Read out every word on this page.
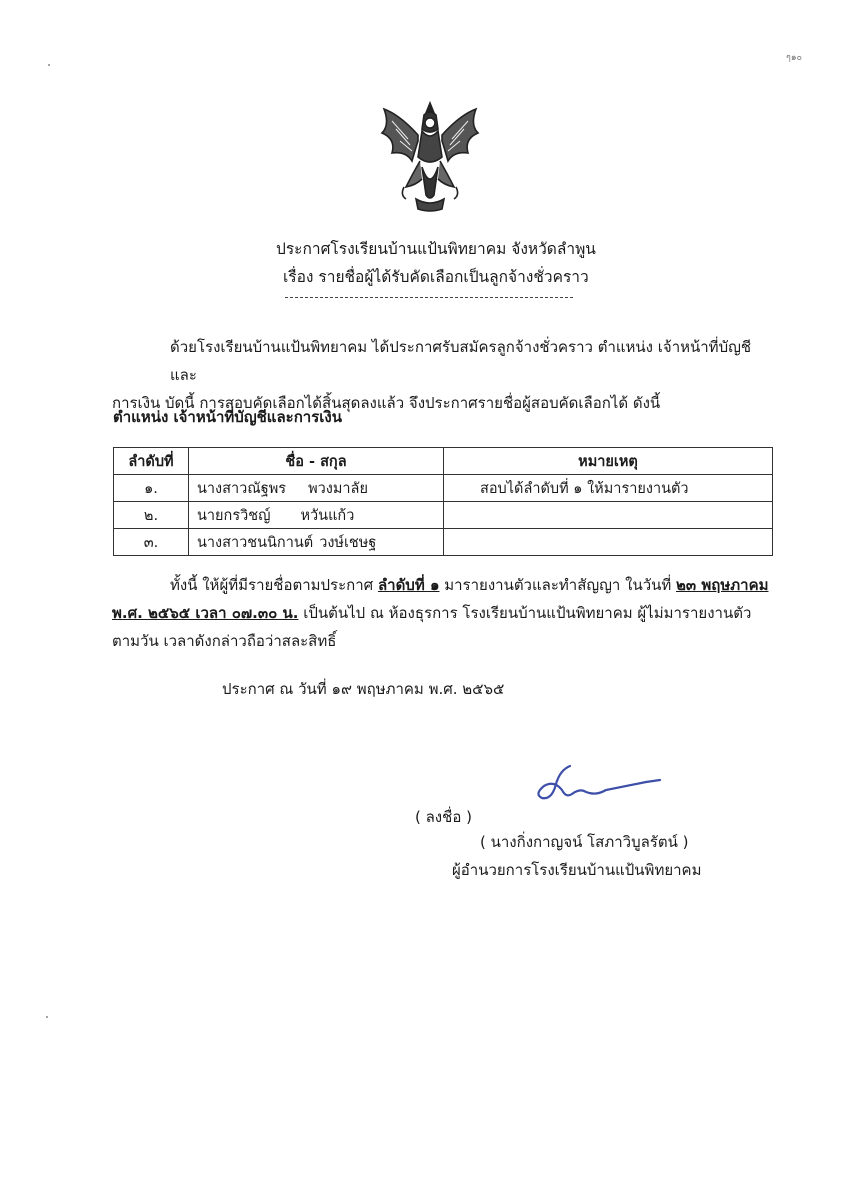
ประกาศโรงเรียนบ้านแป้นพิทยาคม จังหวัดลำพูน
เรื่อง รายชื่อผู้ได้รับคัดเลือกเป็นลูกจ้างชั่วคราว
ด้วยโรงเรียนบ้านแป้นพิทยาคม ได้ประกาศรับสมัครลูกจ้างชั่วคราว ตำแหน่ง เจ้าหน้าที่บัญชีและ
การเงิน บัดนี้ การสอบคัดเลือกได้สิ้นสุดลงแล้ว จึงประกาศรายชื่อผู้สอบคัดเลือกได้ ดังนี้
ตำแหน่ง เจ้าหน้าที่บัญชีและการเงิน
ลำดับที่	ชื่อ - สกุล	หมายเหตุ
๑.	นางสาวณัฐพร พวงมาลัย	สอบได้ลำดับที่ ๑ ให้มารายงานตัว
๒.	นายกรวิชญ์ หวันแก้ว	
๓.	นางสาวชนนิกานต์ วงษ์เชษฐ	
ทั้งนี้ ให้ผู้ที่มีรายชื่อตามประกาศ ลำดับที่ ๑ มารายงานตัวและทำสัญญา ในวันที่ ๒๓ พฤษภาคม
พ.ศ. ๒๕๖๕ เวลา ๐๗.๓๐ น. เป็นต้นไป ณ ห้องธุรการ โรงเรียนบ้านแป้นพิทยาคม ผู้ไม่มารายงานตัว
ตามวัน เวลาดังกล่าวถือว่าสละสิทธิ์
ประกาศ ณ วันที่ ๑๙ พฤษภาคม พ.ศ. ๒๕๖๕
( ลงชื่อ )
( นางกิ่งกาญจน์ โสภาวิบูลรัตน์ )
ผู้อำนวยการโรงเรียนบ้านแป้นพิทยาคม
ๆ๑๐
